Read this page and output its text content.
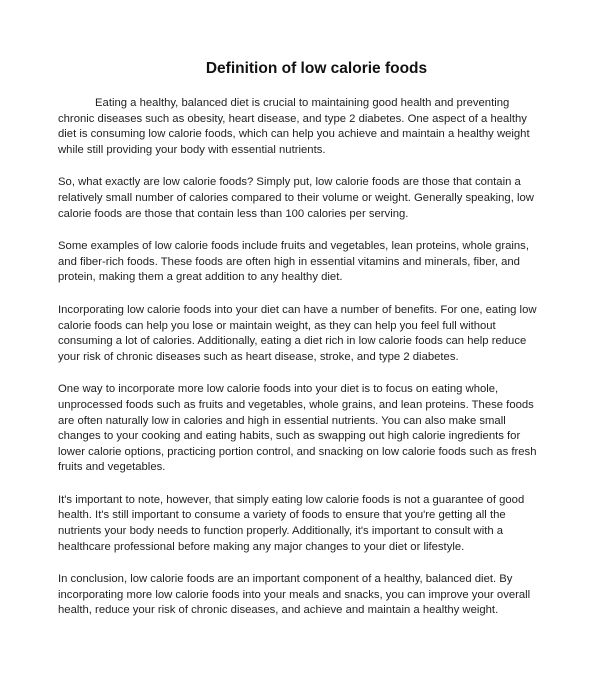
Definition of low calorie foods

Eating a healthy, balanced diet is crucial to maintaining good health and preventing chronic diseases such as obesity, heart disease, and type 2 diabetes. One aspect of a healthy diet is consuming low calorie foods, which can help you achieve and maintain a healthy weight while still providing your body with essential nutrients.

So, what exactly are low calorie foods? Simply put, low calorie foods are those that contain a relatively small number of calories compared to their volume or weight. Generally speaking, low calorie foods are those that contain less than 100 calories per serving.

Some examples of low calorie foods include fruits and vegetables, lean proteins, whole grains, and fiber-rich foods. These foods are often high in essential vitamins and minerals, fiber, and protein, making them a great addition to any healthy diet.

Incorporating low calorie foods into your diet can have a number of benefits. For one, eating low calorie foods can help you lose or maintain weight, as they can help you feel full without consuming a lot of calories. Additionally, eating a diet rich in low calorie foods can help reduce your risk of chronic diseases such as heart disease, stroke, and type 2 diabetes.

One way to incorporate more low calorie foods into your diet is to focus on eating whole, unprocessed foods such as fruits and vegetables, whole grains, and lean proteins. These foods are often naturally low in calories and high in essential nutrients. You can also make small changes to your cooking and eating habits, such as swapping out high calorie ingredients for lower calorie options, practicing portion control, and snacking on low calorie foods such as fresh fruits and vegetables.

It's important to note, however, that simply eating low calorie foods is not a guarantee of good health. It's still important to consume a variety of foods to ensure that you're getting all the nutrients your body needs to function properly. Additionally, it's important to consult with a healthcare professional before making any major changes to your diet or lifestyle.

In conclusion, low calorie foods are an important component of a healthy, balanced diet. By incorporating more low calorie foods into your meals and snacks, you can improve your overall health, reduce your risk of chronic diseases, and achieve and maintain a healthy weight.
